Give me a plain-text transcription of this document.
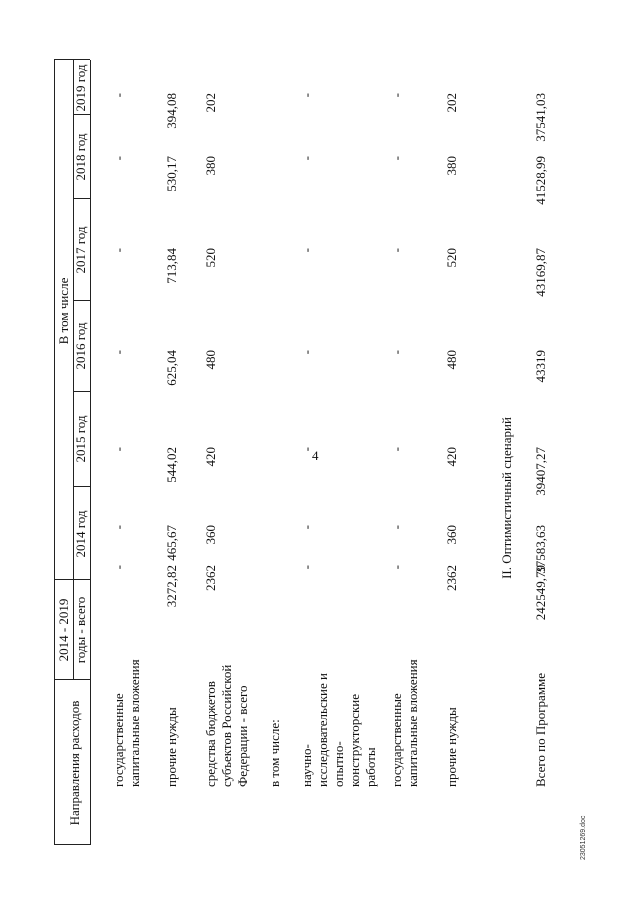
4
Направления расходов
2014 - 2019 годы - всего
В том числе
2014 год
2015 год
2016 год
2017 год
2018 год
2019 год
государственные капитальные вложения
-
-
-
-
-
-
-
прочие нужды
3272,82
465,67
544,02
625,04
713,84
530,17
394,08
средства бюджетов субъектов Российской Федерации - всего
2362
360
420
480
520
380
202
в том числе: научно- исследовательские и опытно- конструкторские работы
-
-
-
-
-
-
-
государственные капитальные вложения
-
-
-
-
-
-
-
прочие нужды
2362
360
420
480
520
380
202
II. Оптимистичный сценарий
Всего по Программе
242549,79
37583,63
39407,27
43319
43169,87
41528,99
37541,03
23051269.doc
